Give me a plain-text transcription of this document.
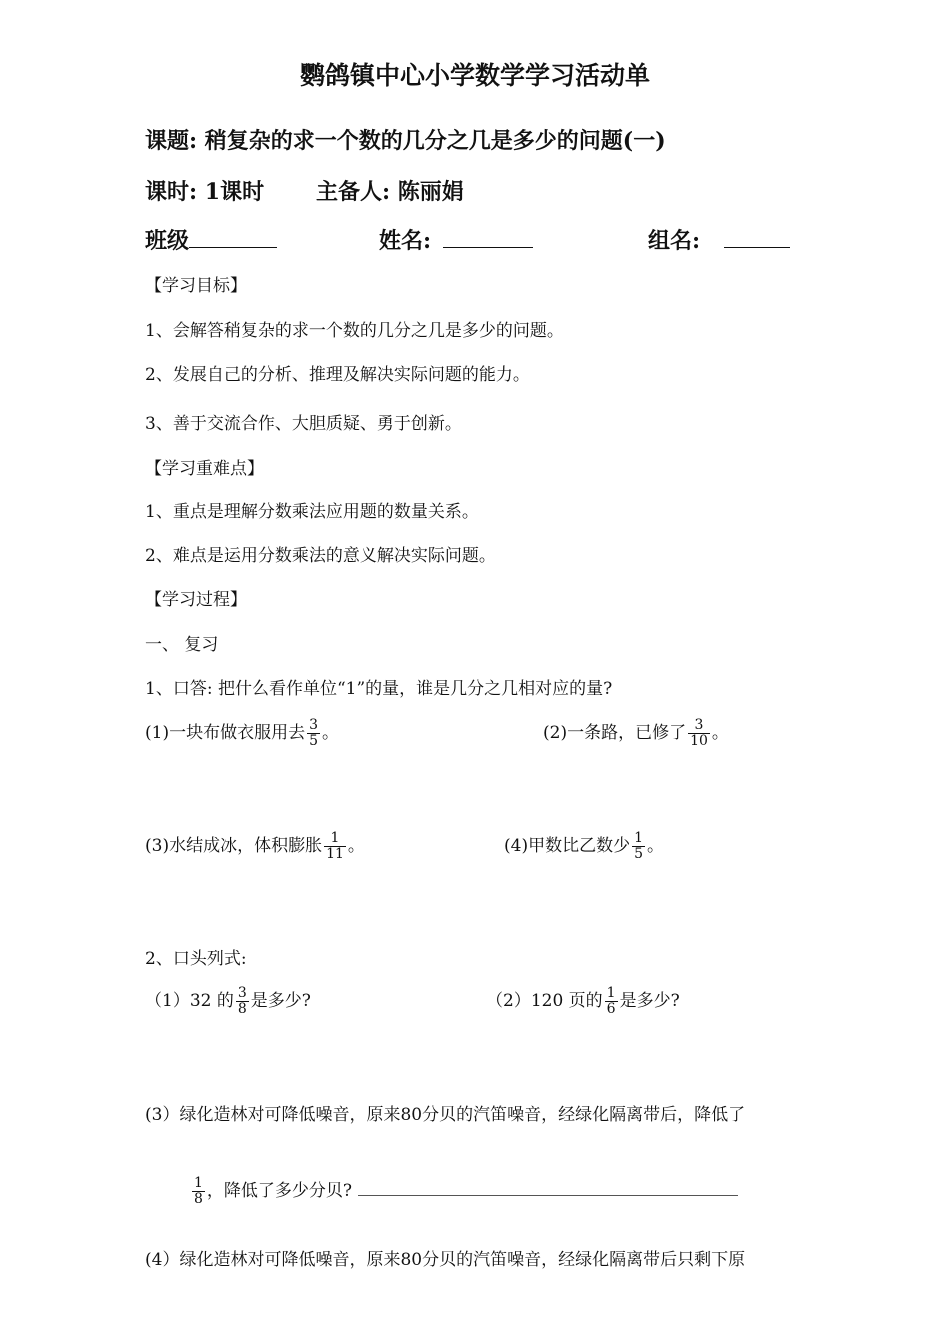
鹦鸽镇中心小学数学学习活动单
课题: 稍复杂的求一个数的几分之几是多少的问题(一)
课时: 1课时 主备人: 陈丽娟
班级	姓名:	组名:
【学习目标】
1、会解答稍复杂的求一个数的几分之几是多少的问题。
2、发展自己的分析、推理及解决实际问题的能力。
3、善于交流合作、大胆质疑、勇于创新。
【学习重难点】
1、重点是理解分数乘法应用题的数量关系。
2、难点是运用分数乘法的意义解决实际问题。
【学习过程】
一、 复习
1、口答: 把什么看作单位“1”的量，谁是几分之几相对应的量?
(1)一块布做衣服用去 $\frac{3}{5}$ 。	(2)一条路，已修了 $\frac{3}{10}$ 。
(3)水结成冰，体积膨胀 $\frac{1}{11}$ 。	(4)甲数比乙数少 $\frac{1}{5}$ 。
2、口头列式:
（1）32 的 $\frac{3}{8}$ 是多少?	（2）120 页的 $\frac{1}{6}$ 是多少?
(3）绿化造林对可降低噪音，原来80分贝的汽笛噪音，经绿化隔离带后，降低了
$\frac{1}{8}$ ，降低了多少分贝?
(4）绿化造林对可降低噪音，原来80分贝的汽笛噪音，经绿化隔离带后只剩下原
